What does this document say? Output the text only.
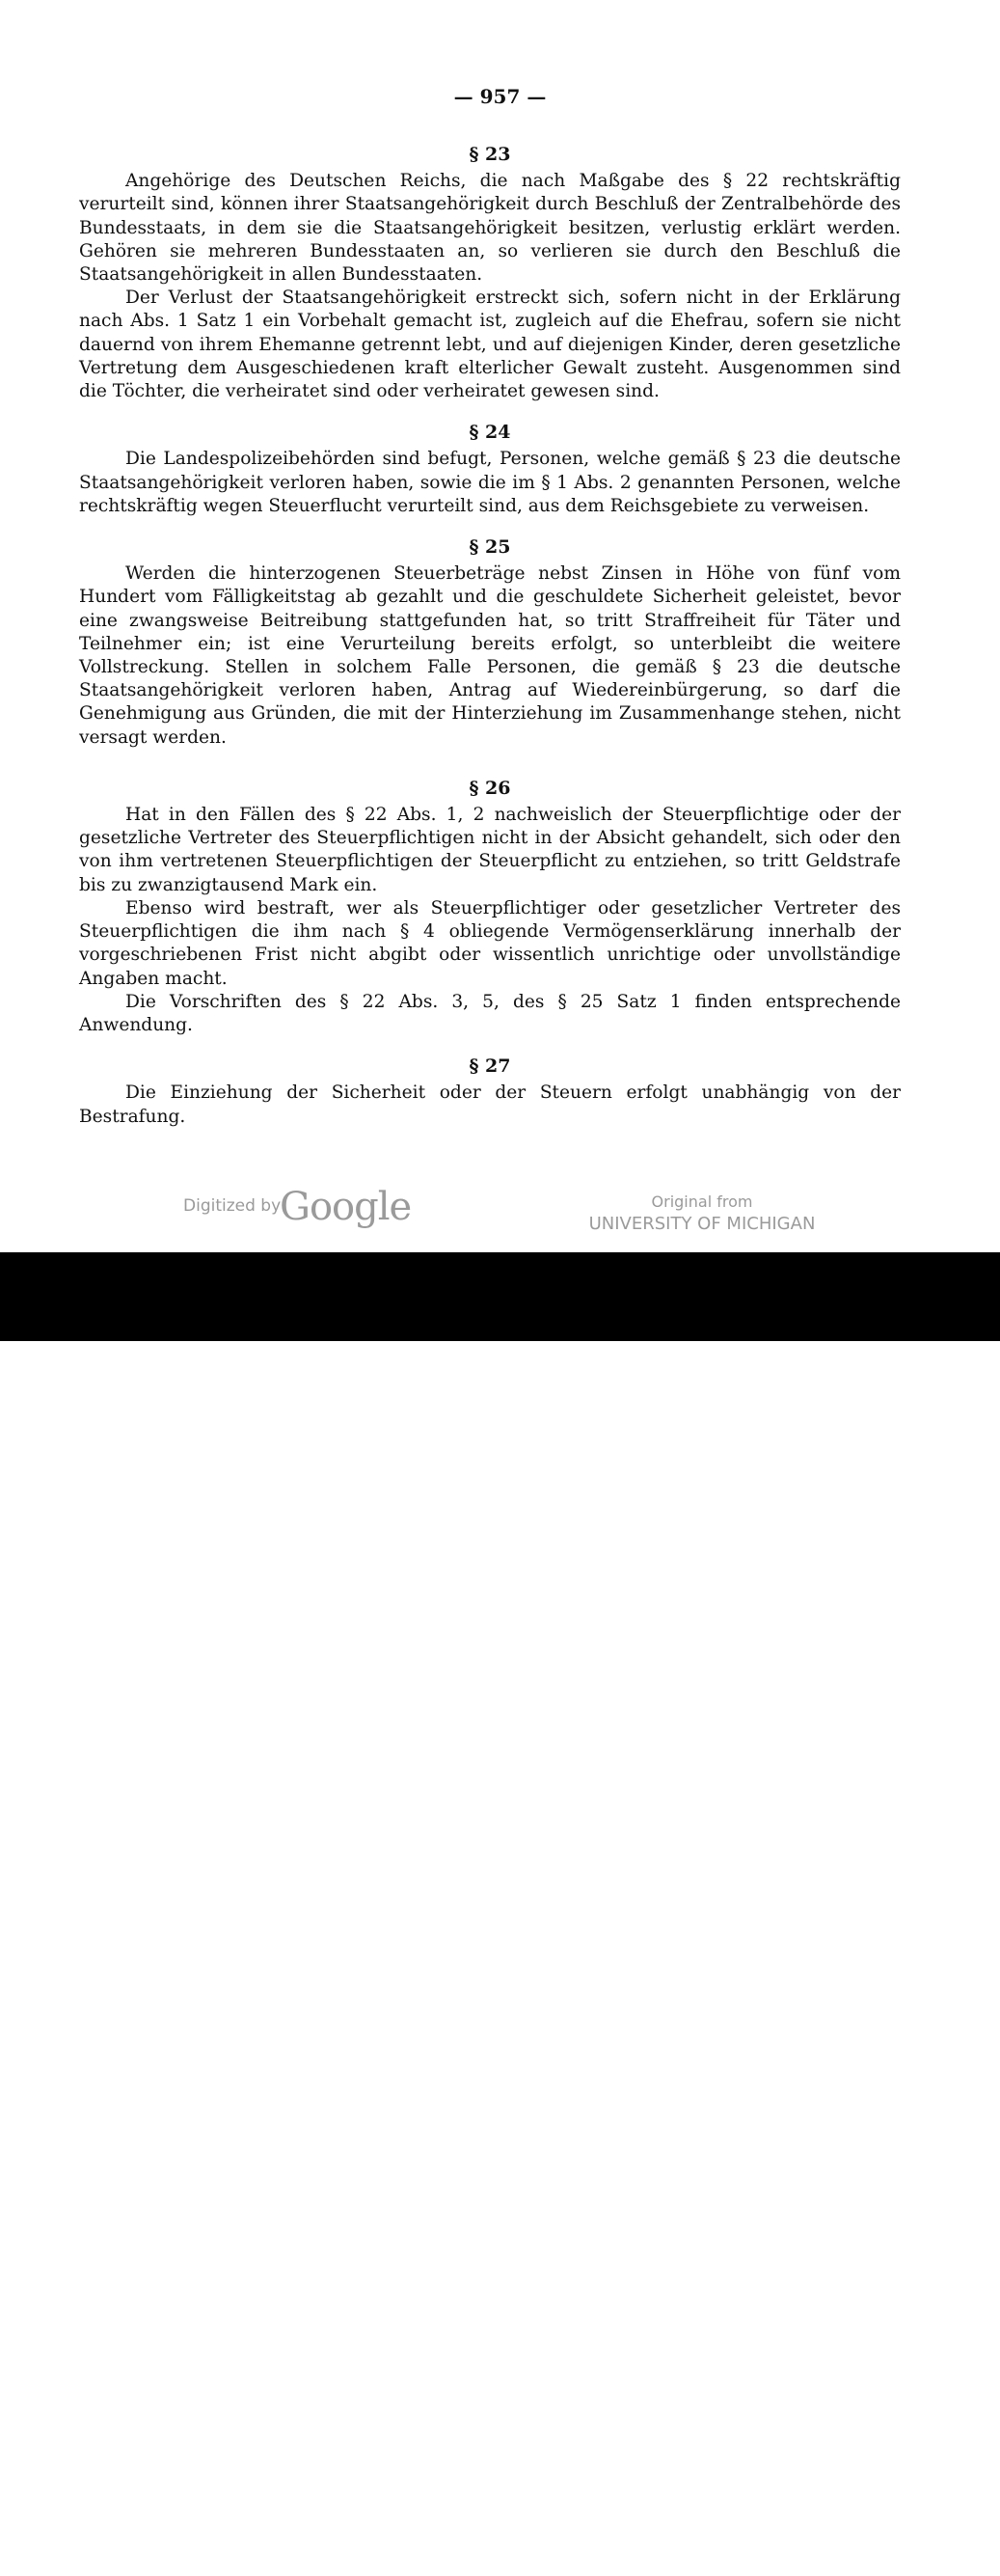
— 957 —
§ 23

Angehörige des Deutschen Reichs, die nach Maßgabe des § 22 rechtskräftig verurteilt sind, können ihrer Staatsangehörigkeit durch Beschluß der Zentralbehörde des Bundesstaats, in dem sie die Staatsangehörigkeit besitzen, verlustig erklärt werden. Gehören sie mehreren Bundesstaaten an, so verlieren sie durch den Beschluß die Staatsangehörigkeit in allen Bundesstaaten.

Der Verlust der Staatsangehörigkeit erstreckt sich, sofern nicht in der Erklärung nach Abs. 1 Satz 1 ein Vorbehalt gemacht ist, zugleich auf die Ehefrau, sofern sie nicht dauernd von ihrem Ehemanne getrennt lebt, und auf diejenigen Kinder, deren gesetzliche Vertretung dem Ausgeschiedenen kraft elterlicher Gewalt zusteht. Ausgenommen sind die Töchter, die verheiratet sind oder verheiratet gewesen sind.

§ 24

Die Landespolizeibehörden sind befugt, Personen, welche gemäß § 23 die deutsche Staatsangehörigkeit verloren haben, sowie die im § 1 Abs. 2 genannten Personen, welche rechtskräftig wegen Steuerflucht verurteilt sind, aus dem Reichsgebiete zu verweisen.

§ 25

Werden die hinterzogenen Steuerbeträge nebst Zinsen in Höhe von fünf vom Hundert vom Fälligkeitstag ab gezahlt und die geschuldete Sicherheit geleistet, bevor eine zwangsweise Beitreibung stattgefunden hat, so tritt Straffreiheit für Täter und Teilnehmer ein; ist eine Verurteilung bereits erfolgt, so unterbleibt die weitere Vollstreckung. Stellen in solchem Falle Personen, die gemäß § 23 die deutsche Staatsangehörigkeit verloren haben, Antrag auf Wiedereinbürgerung, so darf die Genehmigung aus Gründen, die mit der Hinterziehung im Zusammenhange stehen, nicht versagt werden.

§ 26

Hat in den Fällen des § 22 Abs. 1, 2 nachweislich der Steuerpflichtige oder der gesetzliche Vertreter des Steuerpflichtigen nicht in der Absicht gehandelt, sich oder den von ihm vertretenen Steuerpflichtigen der Steuerpflicht zu entziehen, so tritt Geldstrafe bis zu zwanzigtausend Mark ein.

Ebenso wird bestraft, wer als Steuerpflichtiger oder gesetzlicher Vertreter des Steuerpflichtigen die ihm nach § 4 obliegende Vermögenserklärung innerhalb der vorgeschriebenen Frist nicht abgibt oder wissentlich unrichtige oder unvollständige Angaben macht.

Die Vorschriften des § 22 Abs. 3, 5, des § 25 Satz 1 finden entsprechende Anwendung.

§ 27

Die Einziehung der Sicherheit oder der Steuern erfolgt unabhängig von der Bestrafung.

Digitized by
Google	Original from
UNIVERSITY OF MICHIGAN
alamy	P9Y7KY
www.alamy.com
